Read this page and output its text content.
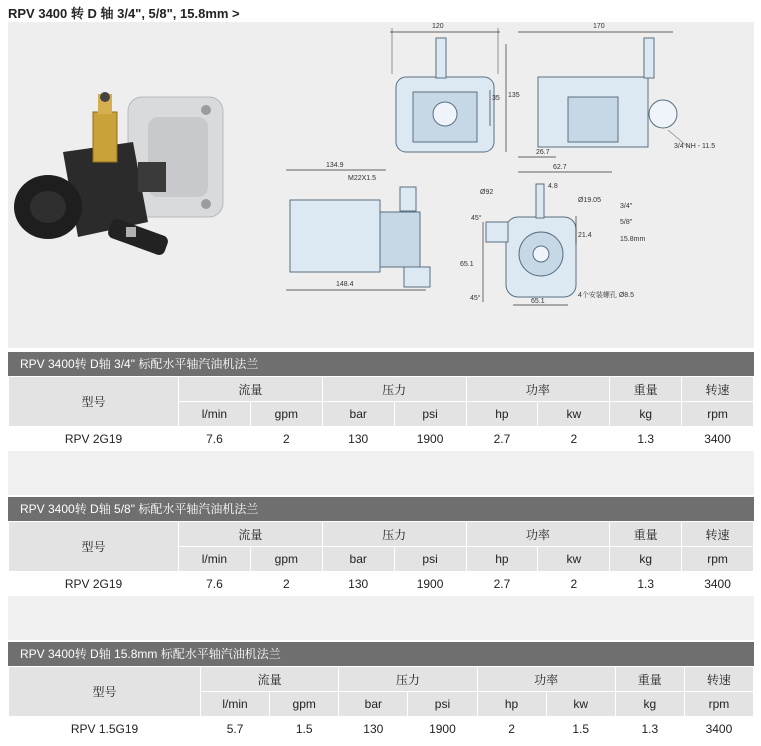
RPV 3400 转 D 轴 3/4", 5/8", 15.8mm >
120
35 135
170
26.7
62.7
3/4 NH - 11.5
134.9
M22X1.5
148.4
Ø92
4.8
Ø19.05
3/4"
5/8"
15.8mm
21.4
65.1
65.1
45°
45°	4个安装螺孔 Ø8.5
RPV 3400转 D轴 3/4" 标配水平轴汽油机法兰
型号	流量		压力		功率		重量	转速
	l/min	gpm	bar	psi	hp	kw	kg	rpm
RPV 2G19	7.6	2	130	1900	2.7	2	1.3	3400
RPV 3400转 D轴 5/8" 标配水平轴汽油机法兰
型号	流量		压力		功率		重量	转速
	l/min	gpm	bar	psi	hp	kw	kg	rpm
RPV 2G19	7.6	2	130	1900	2.7	2	1.3	3400
RPV 3400转 D轴 15.8mm 标配水平轴汽油机法兰
型号	流量		压力		功率		重量	转速
	l/min	gpm	bar	psi	hp	kw	kg	rpm
RPV 1.5G19	5.7	1.5	130	1900	2	1.5	1.3	3400
